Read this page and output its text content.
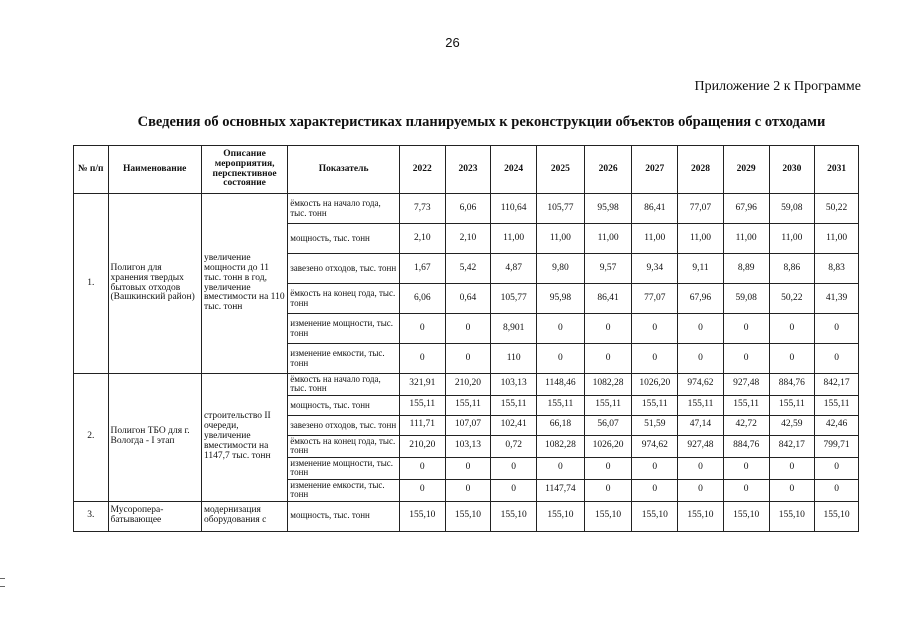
26
Приложение 2 к Программе
Сведения об основных характеристиках планируемых к реконструкции объектов обращения с отходами
№ п/п	Наименование	Описание мероприятия, перспективное состояние	Показатель	2022	2023	2024	2025	2026	2027	2028	2029	2030	2031
1.	Полигон для хранения твердых бытовых отходов (Вашкинский район)	увеличение мощности до 11 тыс. тонн в год, увеличение вместимости на 110 тыс. тонн	ёмкость на начало года, тыс. тонн	7,73	6,06	110,64	105,77	95,98	86,41	77,07	67,96	59,08	50,22
			мощность, тыс. тонн	2,10	2,10	11,00	11,00	11,00	11,00	11,00	11,00	11,00	11,00
			завезено отходов, тыс. тонн	1,67	5,42	4,87	9,80	9,57	9,34	9,11	8,89	8,86	8,83
			ёмкость на конец года, тыс. тонн	6,06	0,64	105,77	95,98	86,41	77,07	67,96	59,08	50,22	41,39
			изменение мощности, тыс. тонн	0	0	8,901	0	0	0	0	0	0	0
			изменение емкости, тыс. тонн	0	0	110	0	0	0	0	0	0	0
2.	Полигон ТБО для г. Вологда - I этап	строительство II очереди, увеличение вместимости на 1147,7 тыс. тонн	ёмкость на начало года, тыс. тонн	321,91	210,20	103,13	1148,46	1082,28	1026,20	974,62	927,48	884,76	842,17
			мощность, тыс. тонн	155,11	155,11	155,11	155,11	155,11	155,11	155,11	155,11	155,11	155,11
			завезено отходов, тыс. тонн	111,71	107,07	102,41	66,18	56,07	51,59	47,14	42,72	42,59	42,46
			ёмкость на конец года, тыс. тонн	210,20	103,13	0,72	1082,28	1026,20	974,62	927,48	884,76	842,17	799,71
			изменение мощности, тыс. тонн	0	0	0	0	0	0	0	0	0	0
			изменение емкости, тыс. тонн	0	0	0	1147,74	0	0	0	0	0	0
3.	Мусоропера-батывающее	модернизация оборудования с	мощность, тыс. тонн	155,10	155,10	155,10	155,10	155,10	155,10	155,10	155,10	155,10	155,10
